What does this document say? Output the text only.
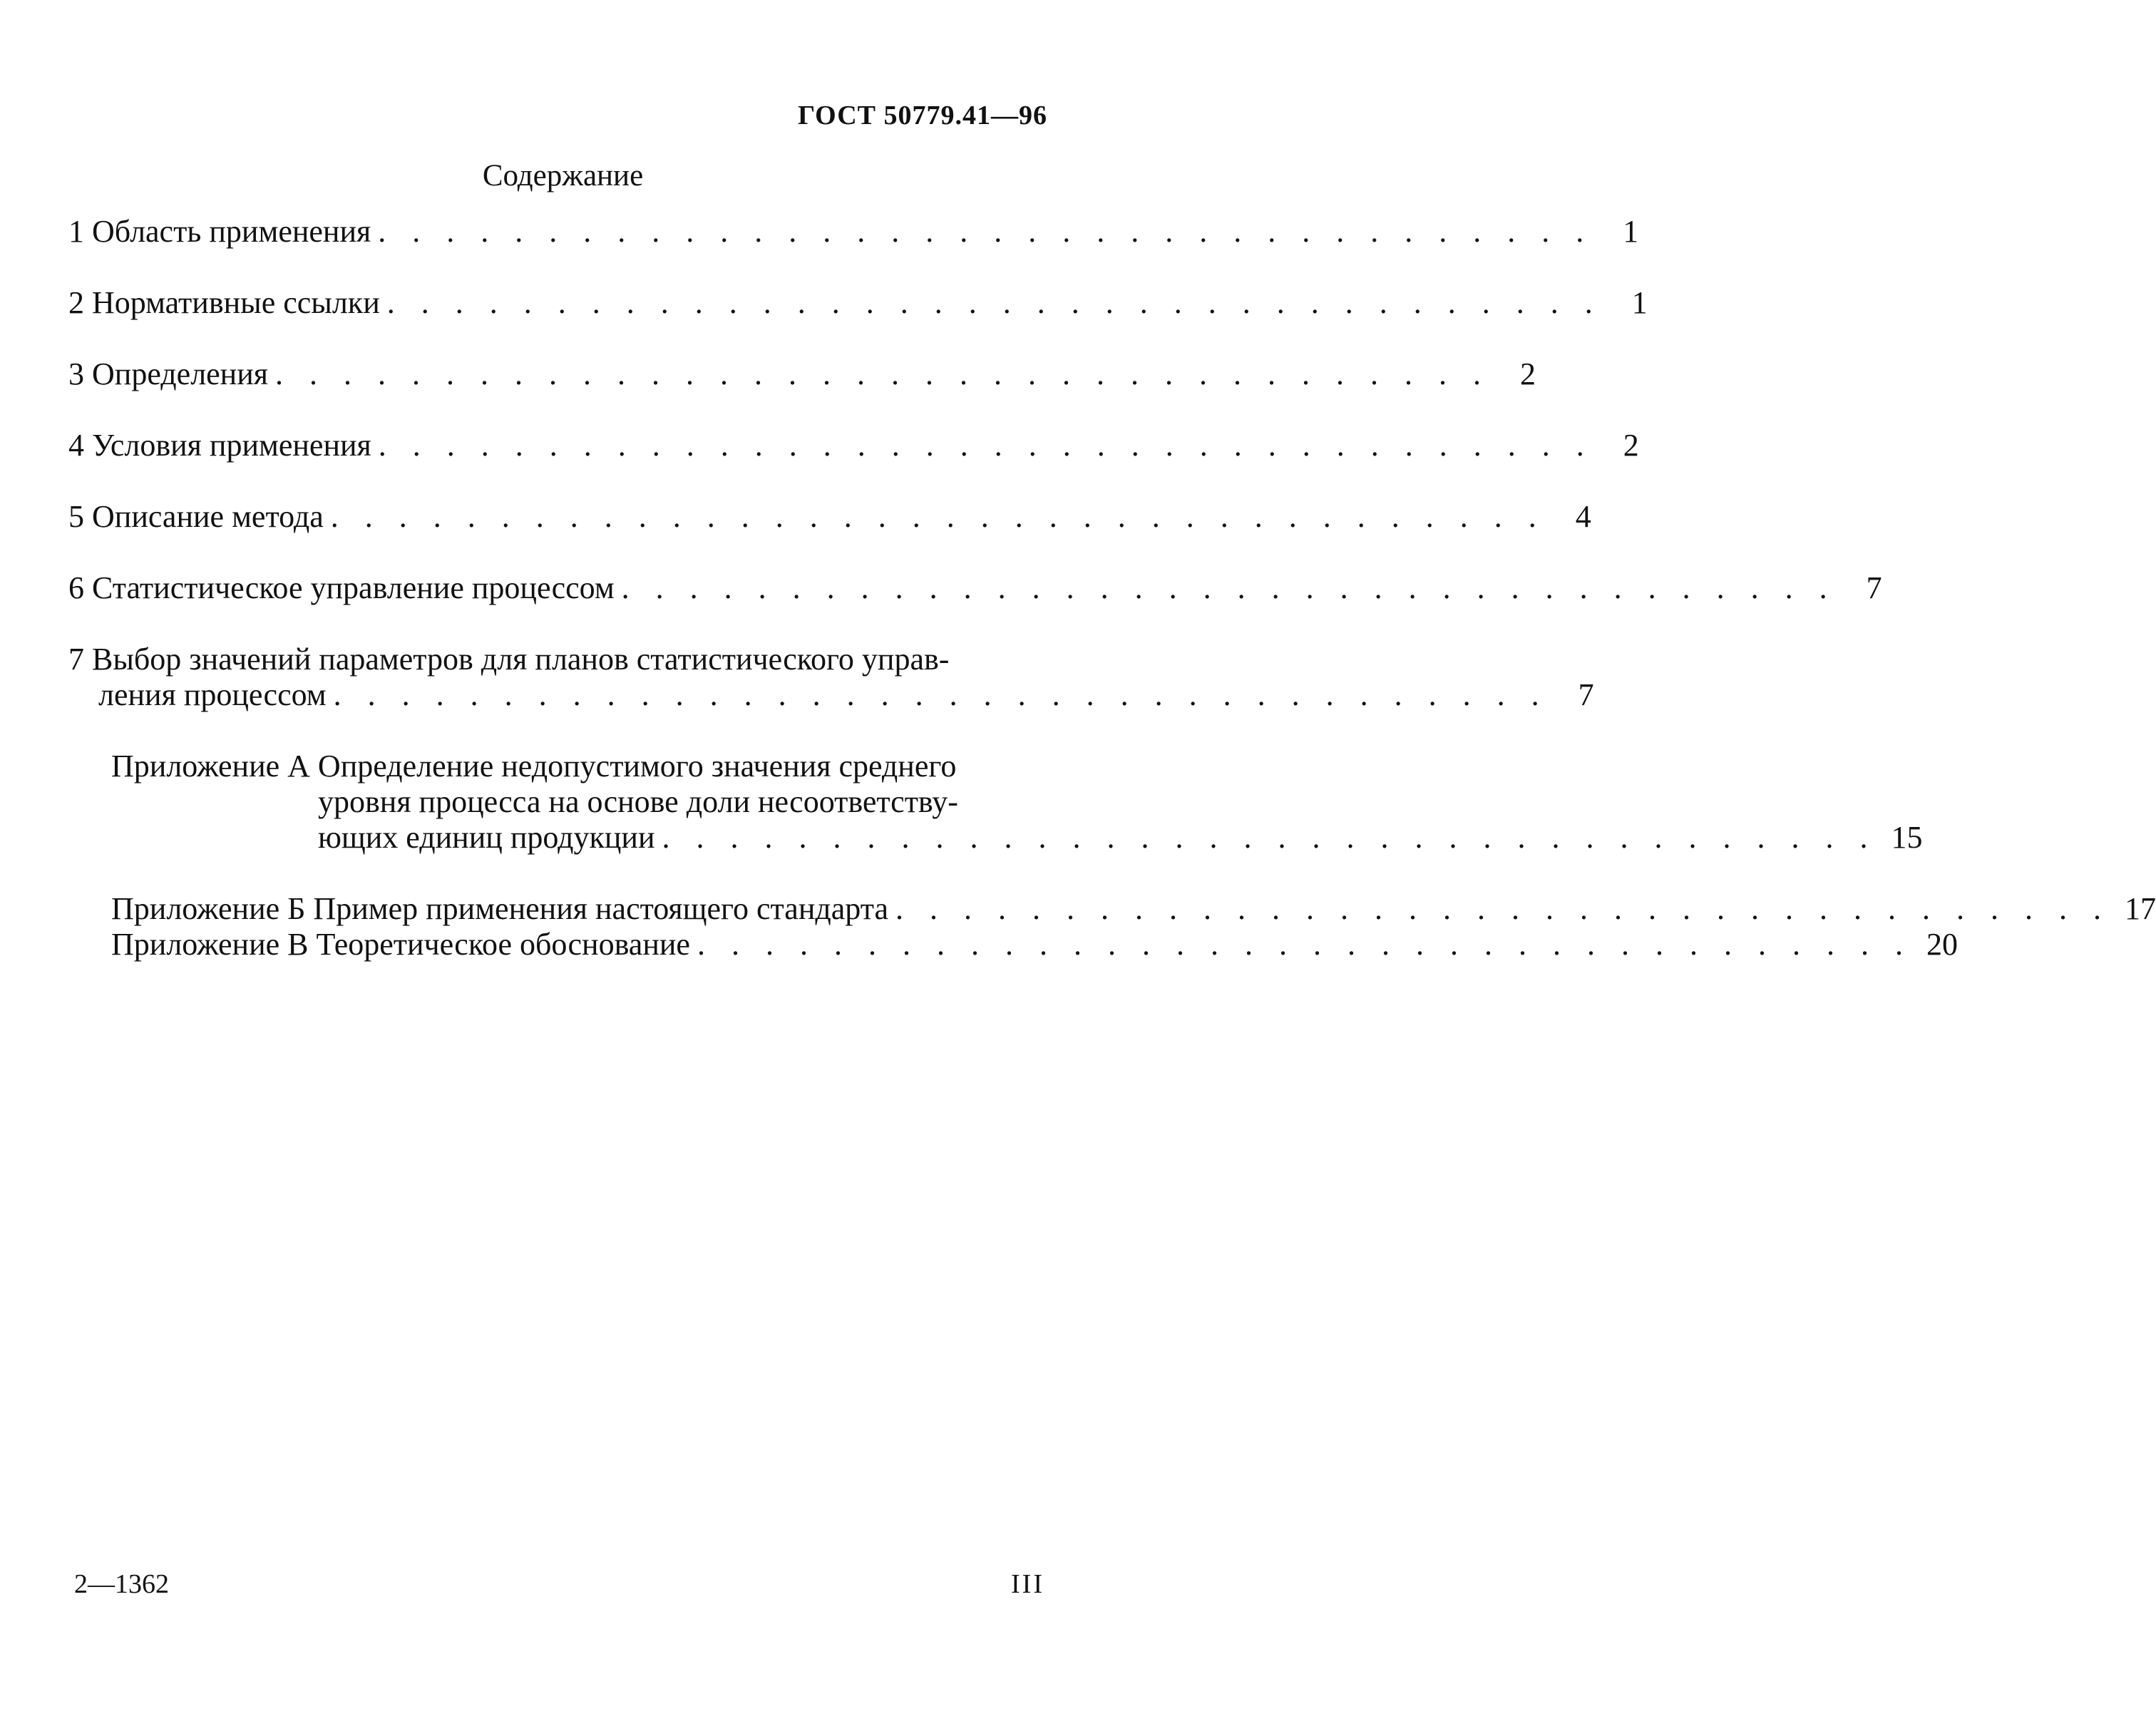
ГОСТ 50779.41—96
Содержание
1 Область применения . . . . . . . . . . . . . . . . . . . . . . . . . . . . . . . . . . . . 1
2 Нормативные ссылки . . . . . . . . . . . . . . . . . . . . . . . . . . . . . . . . . . . . 1
3 Определения . . . . . . . . . . . . . . . . . . . . . . . . . . . . . . . . . . . . 2
4 Условия применения . . . . . . . . . . . . . . . . . . . . . . . . . . . . . . . . . . . . 2
5 Описание метода . . . . . . . . . . . . . . . . . . . . . . . . . . . . . . . . . . . . 4
6 Статистическое управление процессом . . . . . . . . . . . . . . . . . . . . . . . . . . . . . . . . . . . . 7
7 Выбор значений параметров для планов статистического управ-
ления процессом . . . . . . . . . . . . . . . . . . . . . . . . . . . . . . . . . . . . 7
Приложение А Определение недопустимого значения среднего
уровня процесса на основе доли несоответству-
ющих единиц продукции . . . . . . . . . . . . . . . . . . . . . . . . . . . . . . . . . . . . 15
Приложение Б Пример применения настоящего стандарта . . . . . . . . . . . . . . . . . . . . . . . . . . . . . . . . . . . . 17
Приложение В Теоретическое обоснование . . . . . . . . . . . . . . . . . . . . . . . . . . . . . . . . . . . . 20
2—1362	III
